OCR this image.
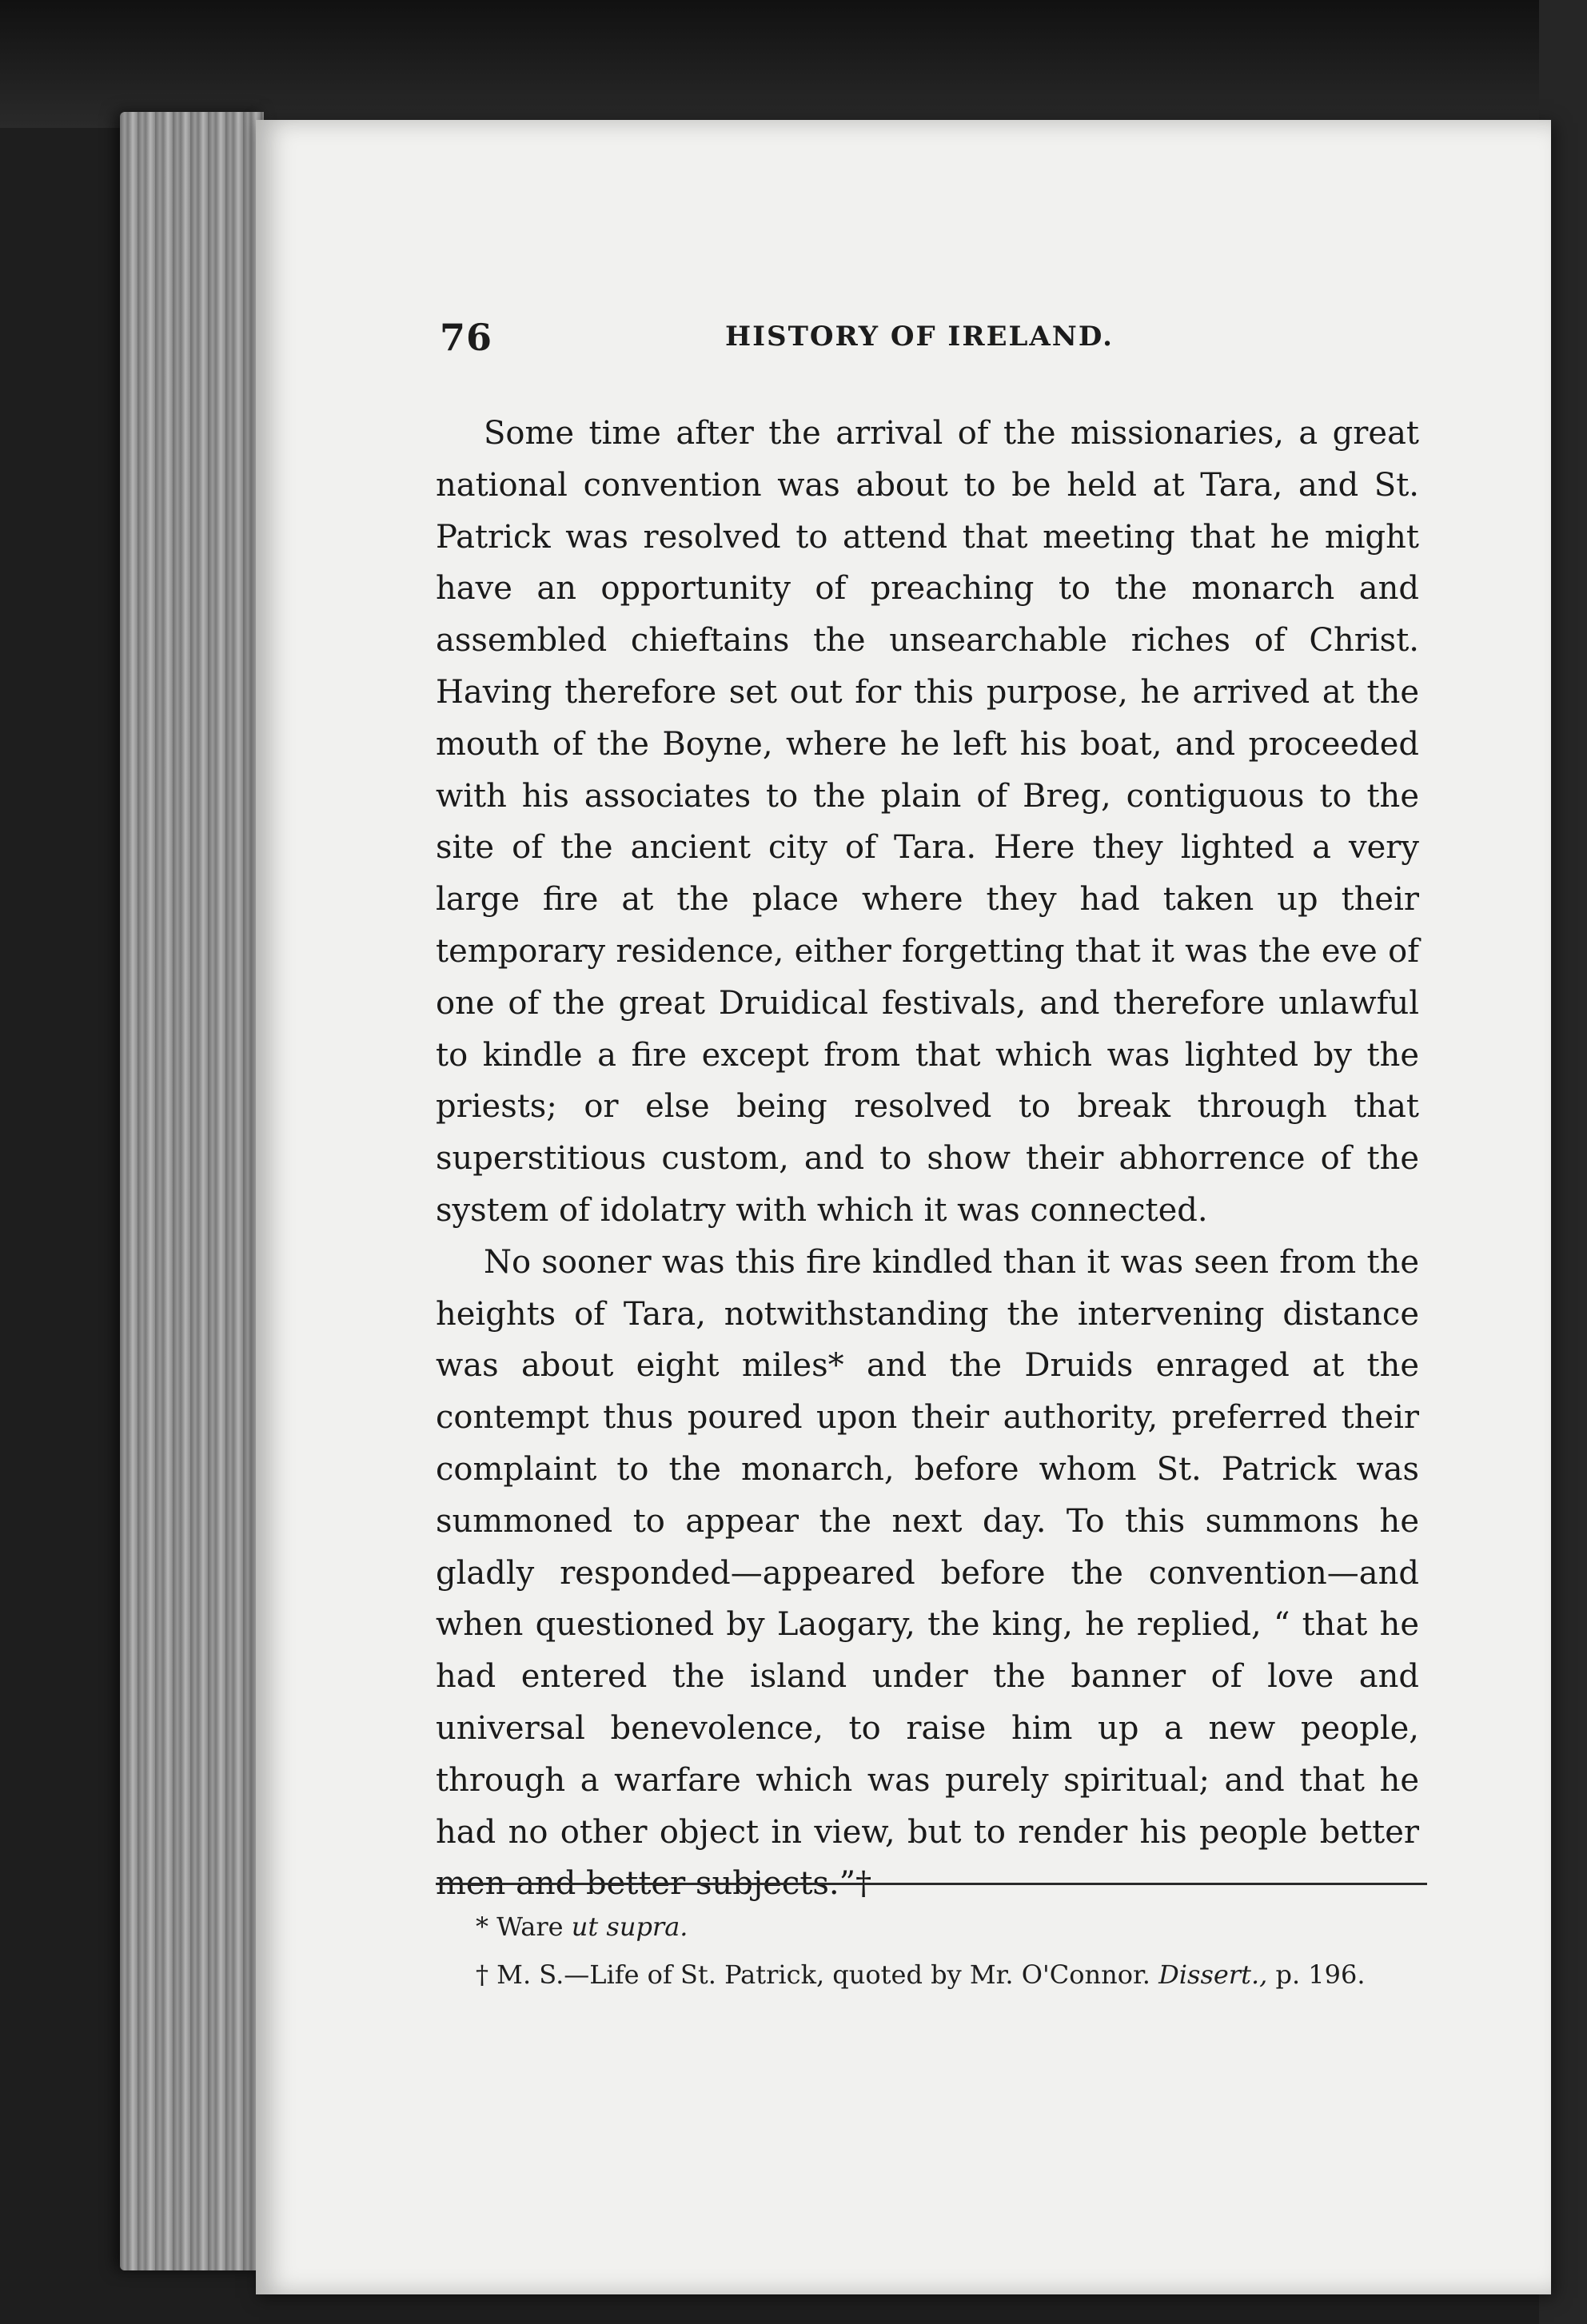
76	HISTORY OF IRELAND.

Some time after the arrival of the missionaries, a great national convention was about to be held at Tara, and St. Patrick was resolved to attend that meeting that he might have an opportunity of preaching to the monarch and assembled chieftains the unsearchable riches of Christ. Having therefore set out for this purpose, he arrived at the mouth of the Boyne, where he left his boat, and proceeded with his associates to the plain of Breg, contiguous to the site of the ancient city of Tara. Here they lighted a very large fire at the place where they had taken up their temporary residence, either forgetting that it was the eve of one of the great Druidical festivals, and therefore unlawful to kindle a fire except from that which was lighted by the priests; or else being resolved to break through that superstitious custom, and to show their abhorrence of the system of idolatry with which it was connected.

No sooner was this fire kindled than it was seen from the heights of Tara, notwithstanding the intervening distance was about eight miles* and the Druids enraged at the contempt thus poured upon their authority, preferred their complaint to the monarch, before whom St. Patrick was summoned to appear the next day. To this summons he gladly responded—appeared before the convention—and when questioned by Laogary, the king, he replied, “ that he had entered the island under the banner of love and universal benevolence, to raise him up a new people, through a warfare which was purely spiritual; and that he had no other object in view, but to render his people better men and better subjects.”†

* Ware ut supra.

† M. S.—Life of St. Patrick, quoted by Mr. O'Connor. Dissert., p. 196.
